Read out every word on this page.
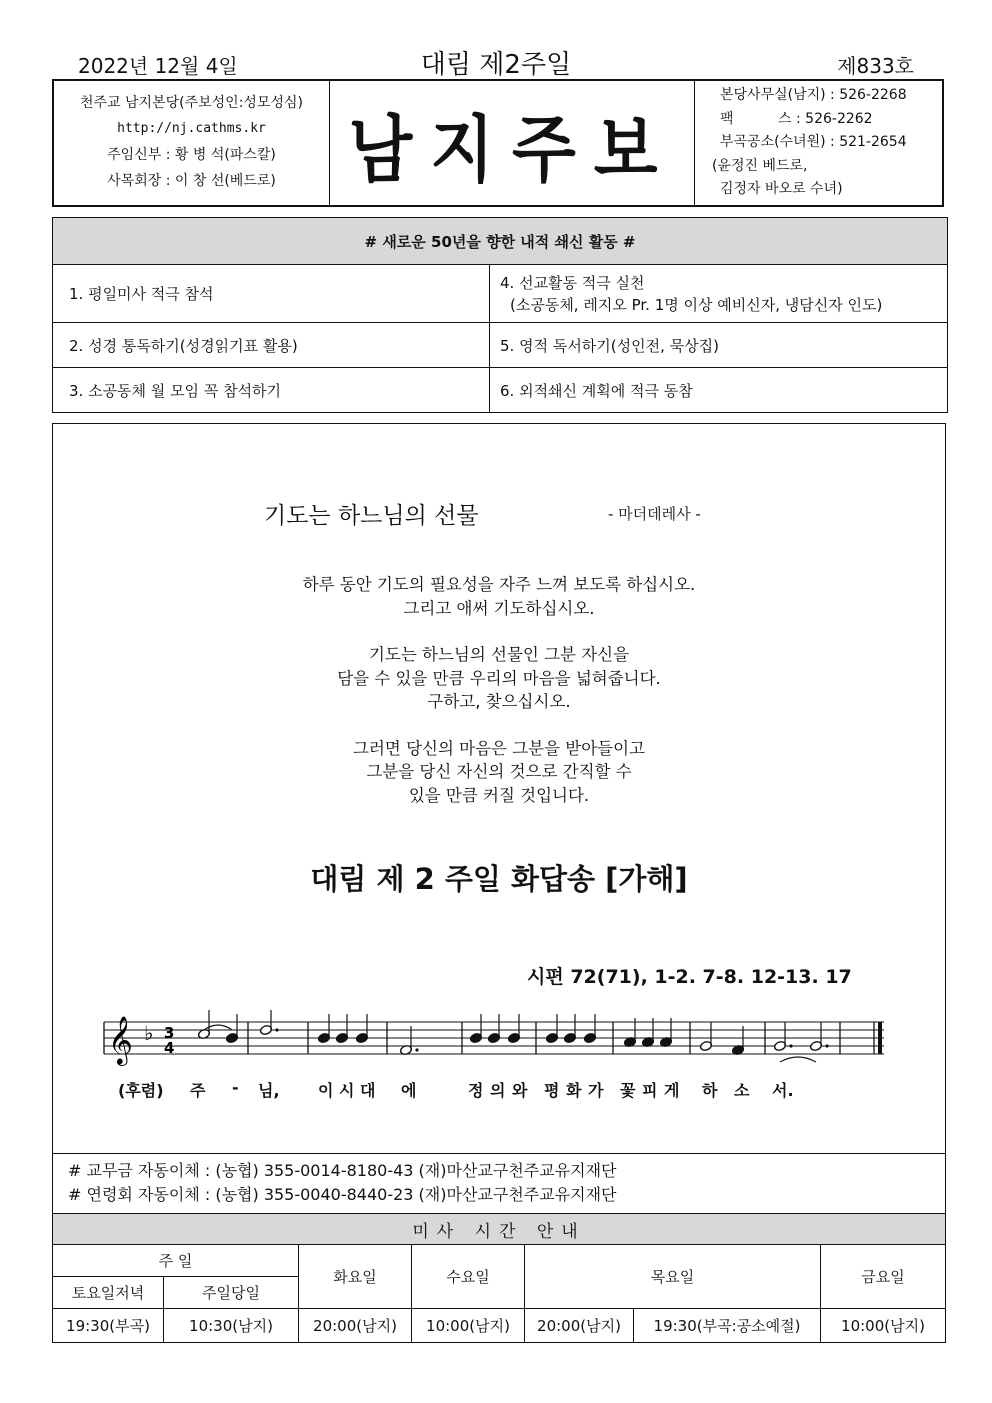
2022년 12월 4일	대림 제2주일	제833호
천주교 남지본당(주보성인:성모성심)
http://nj.cathms.kr
주임신부 : 황 병 석(파스칼)
사목회장 : 이 창 선(베드로)	남지주보
본당사무실(남지) : 526-2268
팩          스 : 526-2262
부곡공소(수녀원) : 521-2654
(윤정진 베드로,
김정자 바오로 수녀)
# 새로운 50년을 향한 내적 쇄신 활동 #	
1. 평일미사 적극 참석	4. 선교활동 적극 실천
(소공동체, 레지오 Pr. 1명 이상 예비신자, 냉담신자 인도)

2. 성경 통독하기(성경읽기표 활용)	5. 영적 독서하기(성인전, 묵상집)
3. 소공동체 월 모임 꼭 참석하기	6. 외적쇄신 계획에 적극 동참
기도는 하느님의 선물	- 마더데레사 -

하루 동안 기도의 필요성을 자주 느껴 보도록 하십시오.
그리고 애써 기도하십시오.

기도는 하느님의 선물인 그분 자신을
담을 수 있을 만큼 우리의 마음을 넓혀줍니다.
구하고, 찾으십시오.

그러면 당신의 마음은 그분을 받아들이고
그분을 당신 자신의 것으로 간직할 수
있을 만큼 커질 것입니다.

대림 제 2 주일 화답송 [가해]
시편 72(71), 1-2. 7-8. 12-13. 17
𝄞 ♭ 3
4
(후렴) 주 - 님, 이 시 대 에	정 의 와 평 화 가 꽃 피 게 하 소 서.
# 교무금 자동이체 : (농협) 355-0014-8180-43 (재)마산교구천주교유지재단
# 연령회 자동이체 : (농협) 355-0040-8440-23 (재)마산교구천주교유지재단
미사 시간 안내						
주 일		화요일	수요일	목요일		금요일
토요일저녁	주일당일					
19:30(부곡)	10:30(남지)	20:00(남지)	10:00(남지)	20:00(남지)	19:30(부곡:공소예절)	10:00(남지)
